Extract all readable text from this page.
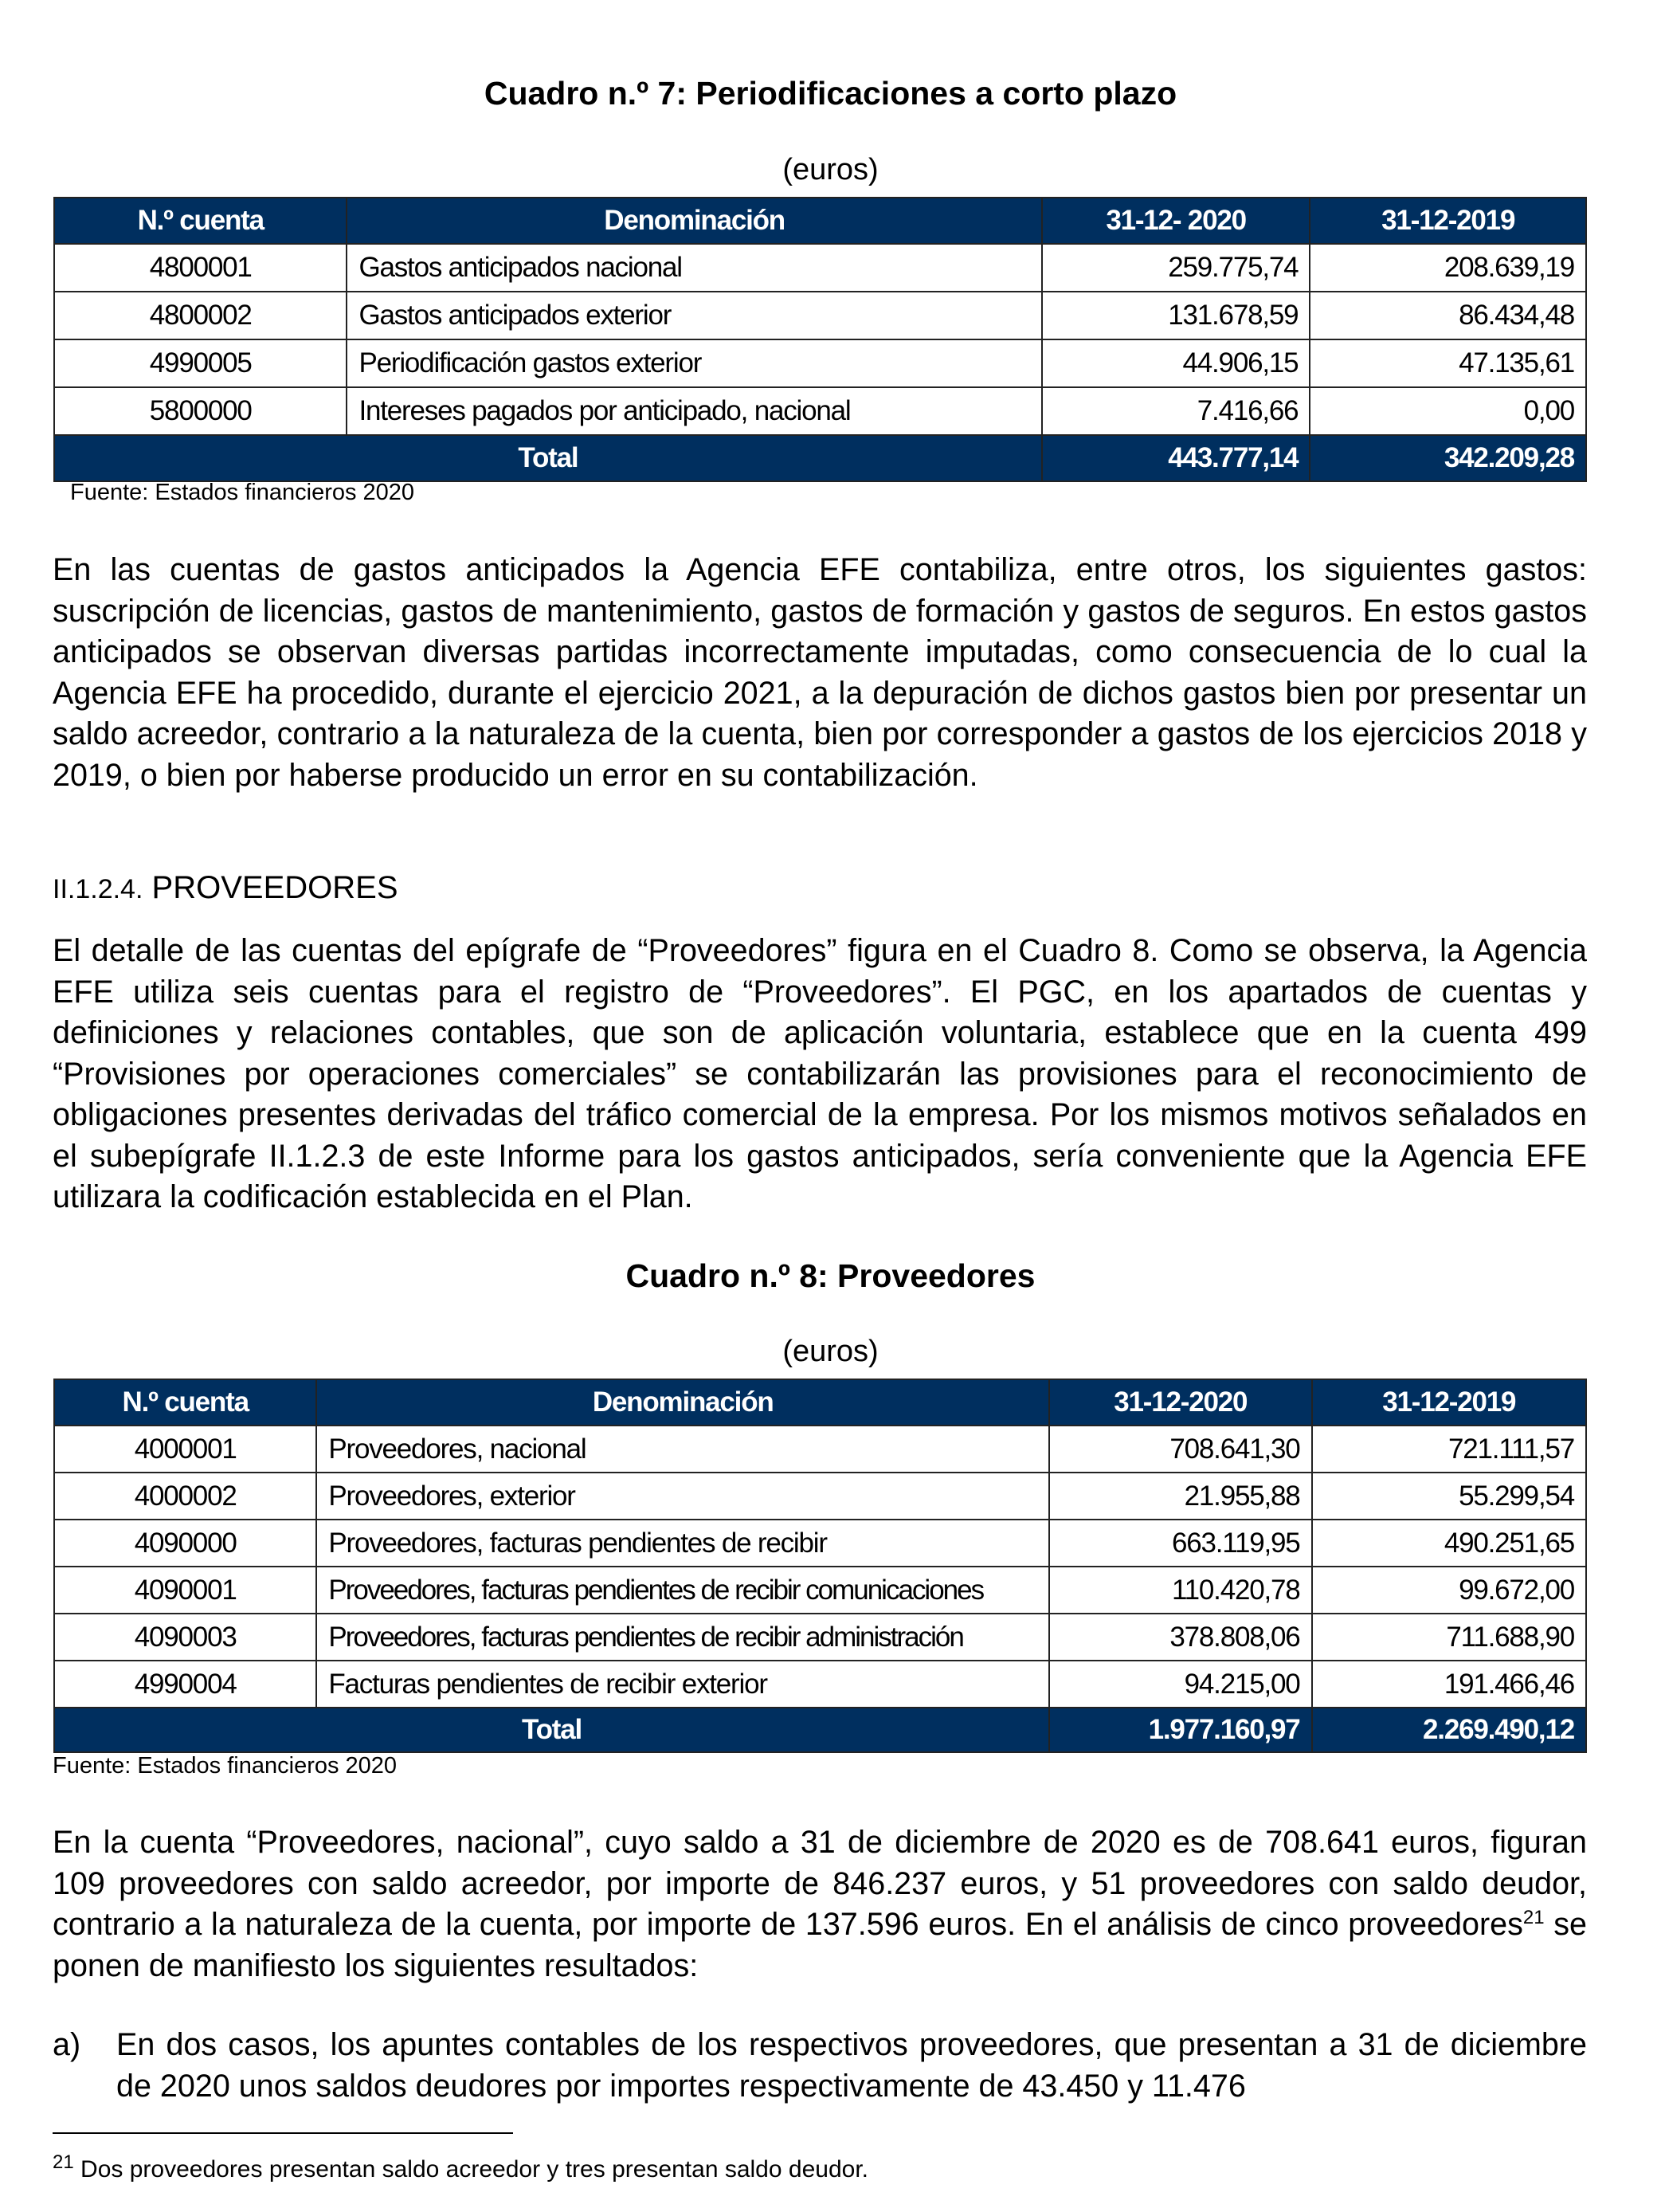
Cuadro n.º 7: Periodificaciones a corto plazo
(euros)
N.º cuenta	Denominación	31-12- 2020	31-12-2019
4800001	Gastos anticipados nacional	259.775,74	208.639,19
4800002	Gastos anticipados exterior	131.678,59	86.434,48
4990005	Periodificación gastos exterior	44.906,15	47.135,61
5800000	Intereses pagados por anticipado, nacional	7.416,66	0,00
Total		443.777,14	342.209,28
Fuente: Estados financieros 2020
En las cuentas de gastos anticipados la Agencia EFE contabiliza, entre otros, los siguientes gastos: suscripción de licencias, gastos de mantenimiento, gastos de formación y gastos de seguros. En estos gastos anticipados se observan diversas partidas incorrectamente imputadas, como consecuencia de lo cual la Agencia EFE ha procedido, durante el ejercicio 2021, a la depuración de dichos gastos bien por presentar un saldo acreedor, contrario a la naturaleza de la cuenta, bien por corresponder a gastos de los ejercicios 2018 y 2019, o bien por haberse producido un error en su contabilización.
II.1.2.4. PROVEEDORES
El detalle de las cuentas del epígrafe de “Proveedores” figura en el Cuadro 8. Como se observa, la Agencia EFE utiliza seis cuentas para el registro de “Proveedores”. El PGC, en los apartados de cuentas y definiciones y relaciones contables, que son de aplicación voluntaria, establece que en la cuenta 499 “Provisiones por operaciones comerciales” se contabilizarán las provisiones para el reconocimiento de obligaciones presentes derivadas del tráfico comercial de la empresa. Por los mismos motivos señalados en el subepígrafe II.1.2.3 de este Informe para los gastos anticipados, sería conveniente que la Agencia EFE utilizara la codificación establecida en el Plan.
Cuadro n.º 8: Proveedores
(euros)
N.º cuenta	Denominación	31-12-2020	31-12-2019
4000001	Proveedores, nacional	708.641,30	721.111,57
4000002	Proveedores, exterior	21.955,88	55.299,54
4090000	Proveedores, facturas pendientes de recibir	663.119,95	490.251,65
4090001	Proveedores, facturas pendientes de recibir comunicaciones	110.420,78	99.672,00
4090003	Proveedores, facturas pendientes de recibir administración	378.808,06	711.688,90
4990004	Facturas pendientes de recibir exterior	94.215,00	191.466,46
Total		1.977.160,97	2.269.490,12
Fuente: Estados financieros 2020
En la cuenta “Proveedores, nacional”, cuyo saldo a 31 de diciembre de 2020 es de 708.641 euros, figuran 109 proveedores con saldo acreedor, por importe de 846.237 euros, y 51 proveedores con saldo deudor, contrario a la naturaleza de la cuenta, por importe de 137.596 euros. En el análisis de cinco proveedores$^{21}$ se ponen de manifiesto los siguientes resultados:
a) En dos casos, los apuntes contables de los respectivos proveedores, que presentan a 31 de diciembre de 2020 unos saldos deudores por importes respectivamente de 43.450 y 11.476
$^{21}$ Dos proveedores presentan saldo acreedor y tres presentan saldo deudor.
